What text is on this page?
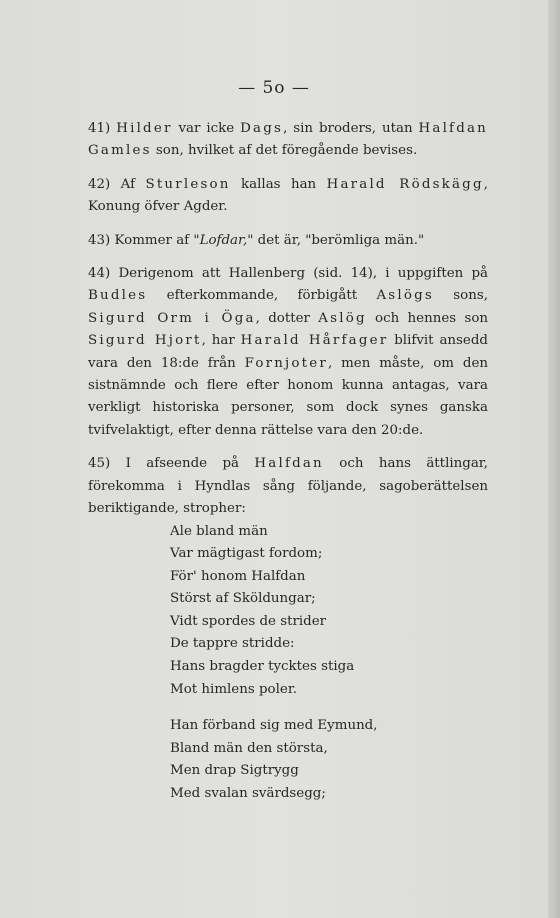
— 5o —

41) Hilder var icke Dags, sin broders, utan Halfdan Gamles son, hvilket af det föregående bevises.

42) Af Sturleson kallas han Harald Rödskägg, Konung öfver Agder.

43) Kommer af "Lofdar," det är, "berömliga män."

44) Derigenom att Hallenberg (sid. 14), i uppgiften på Budles efterkommande, förbigått Aslögs sons, Sigurd Orm i Öga, dotter Aslög och hennes son Sigurd Hjort, har Harald Hårfager blifvit ansedd vara den 18:de från Fornjoter, men måste, om den sistnämnde och flere efter honom kunna antagas, vara verkligt historiska personer, som dock synes ganska tvifvelaktigt, efter denna rättelse vara den 20:de.

45) I afseende på Halfdan och hans ättlingar, förekomma i Hyndlas sång följande, sagoberättelsen beriktigande, stropher:

Ale bland män
Var mägtigast fordom;
För' honom Halfdan
Störst af Sköldungar;
Vidt spordes de strider
De tappre stridde:
Hans bragder tycktes stiga
Mot himlens poler.
Han förband sig med Eymund,
Bland män den största,
Men drap Sigtrygg
Med svalan svärdsegg;
